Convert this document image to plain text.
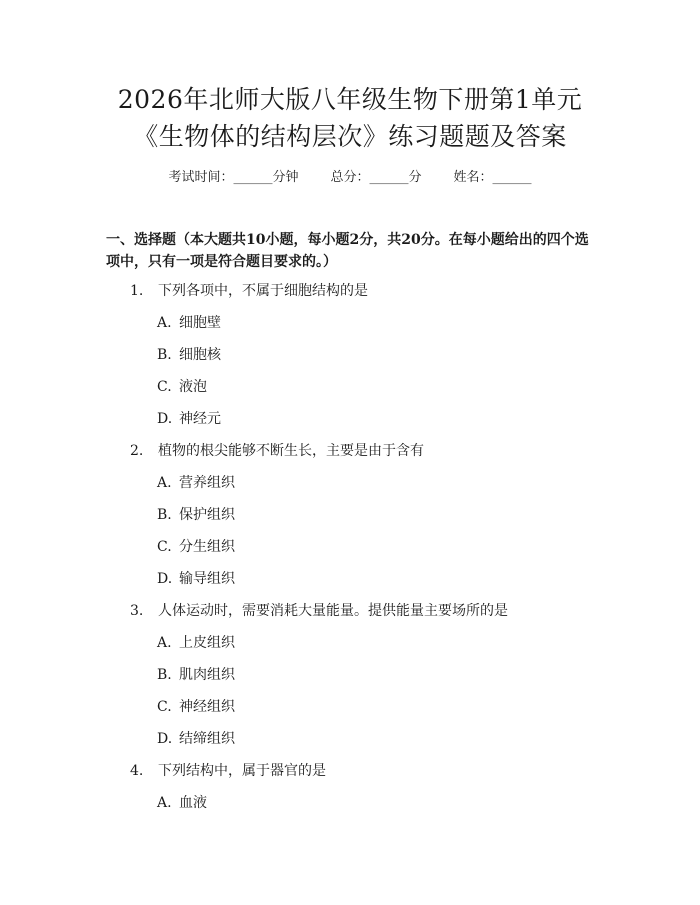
2026年北师大版八年级生物下册第1单元
《生物体的结构层次》练习题题及答案
考试时间：______分钟 总分：______分 姓名：______
一、选择题（本大题共10小题，每小题2分，共20分。在每小题给出的四个选
项中，只有一项是符合题目要求的。）
1. 下列各项中，不属于细胞结构的是
A. 细胞壁
B. 细胞核
C. 液泡
D. 神经元
2. 植物的根尖能够不断生长，主要是由于含有
A. 营养组织
B. 保护组织
C. 分生组织
D. 输导组织
3. 人体运动时，需要消耗大量能量。提供能量主要场所的是
A. 上皮组织
B. 肌肉组织
C. 神经组织
D. 结缔组织
4. 下列结构中，属于器官的是
A. 血液
